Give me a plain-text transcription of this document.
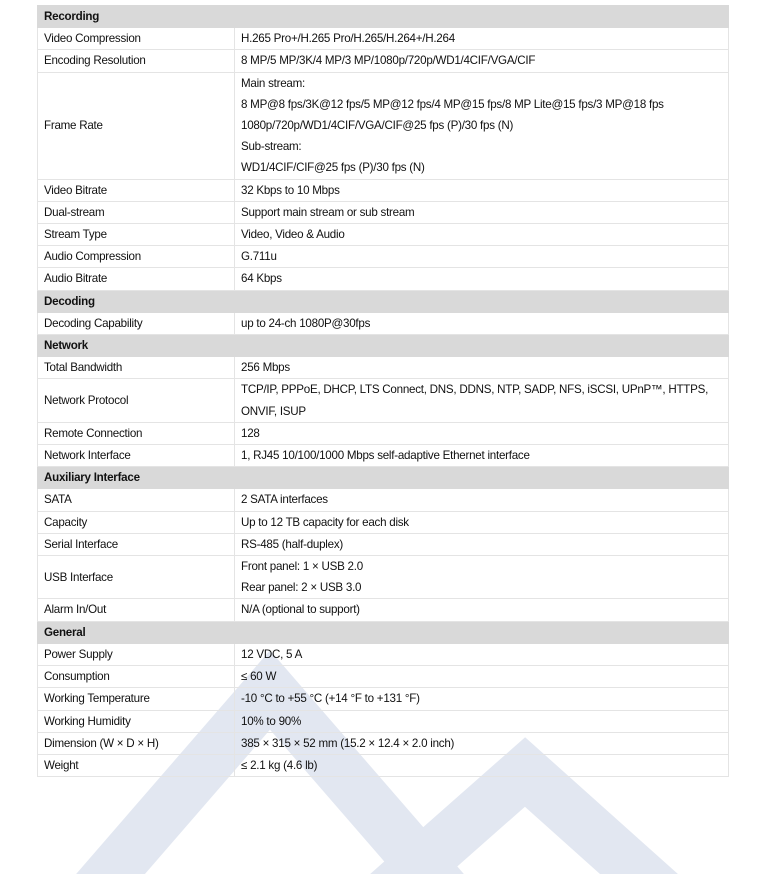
Recording	
Video Compression	H.265 Pro+/H.265 Pro/H.265/H.264+/H.264

Encoding Resolution	8 MP/5 MP/3K/4 MP/3 MP/1080p/720p/WD1/4CIF/VGA/CIF

Frame Rate	Main stream:
8 MP@8 fps/3K@12 fps/5 MP@12 fps/4 MP@15 fps/8 MP Lite@15 fps/3 MP@18 fps
1080p/720p/WD1/4CIF/VGA/CIF@25 fps (P)/30 fps (N)
Sub-stream:
WD1/4CIF/CIF@25 fps (P)/30 fps (N)

Video Bitrate	32 Kbps to 10 Mbps

Dual-stream	Support main stream or sub stream

Stream Type	Video, Video & Audio

Audio Compression	G.711u

Audio Bitrate	64 Kbps

Decoding	
Decoding Capability	up to 24-ch 1080P@30fps

Network	
Total Bandwidth	256 Mbps

Network Protocol	TCP/IP, PPPoE, DHCP, LTS Connect, DNS, DDNS, NTP, SADP, NFS, iSCSI, UPnP™, HTTPS,
ONVIF, ISUP

Remote Connection	128

Network Interface	1, RJ45 10/100/1000 Mbps self-adaptive Ethernet interface

Auxiliary Interface	
SATA	2 SATA interfaces

Capacity	Up to 12 TB capacity for each disk

Serial Interface	RS-485 (half-duplex)

USB Interface	Front panel: 1 × USB 2.0
Rear panel: 2 × USB 3.0

Alarm In/Out	N/A (optional to support)

General	
Power Supply	12 VDC, 5 A

Consumption	≤ 60 W

Working Temperature	-10 °C to +55 °C (+14 °F to +131 °F)

Working Humidity	10% to 90%

Dimension (W × D × H)	385 × 315 × 52 mm (15.2 × 12.4 × 2.0 inch)

Weight	≤ 2.1 kg (4.6 lb)
